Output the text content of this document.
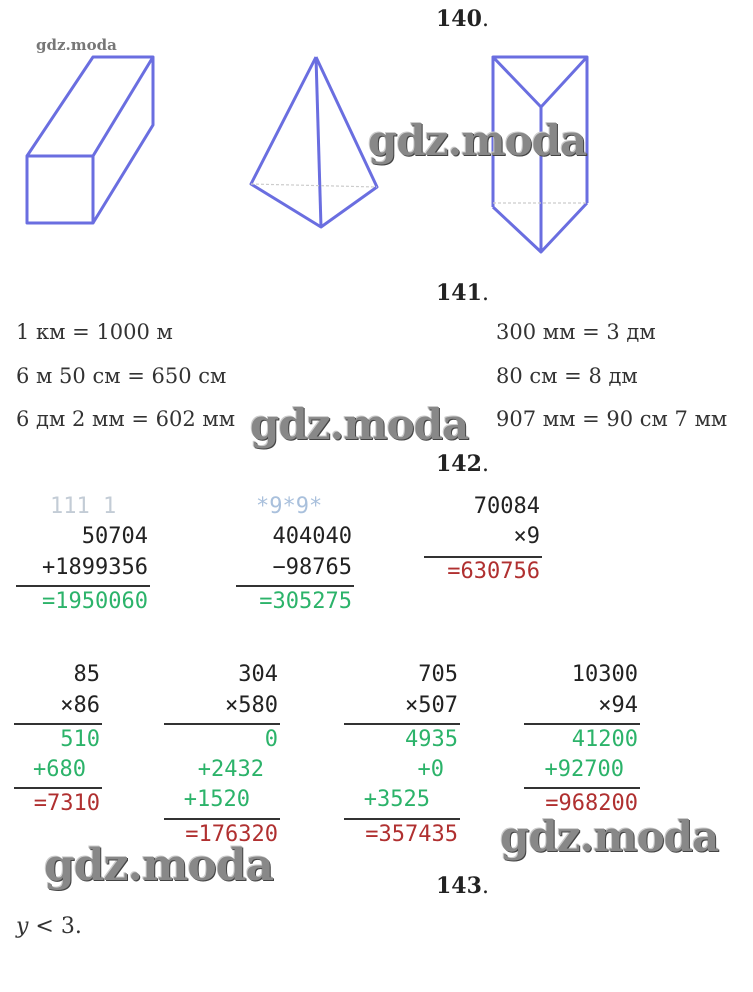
140.
gdz.moda
gdz.moda
141.
1 км = 1000 м
6 м 50 см = 650 см
6 дм 2 мм = 602 мм
300 мм = 3 дм
80 см = 8 дм
907 мм = 90 см 7 мм
gdz.moda
142.
111 1
50704
+1899356
=1950060
*9*9*
404040
−98765
=305275
70084
×9
=630756
85
×86
510
+680
=7310
304
×580
0
+2432
+1520
=176320
705
×507
4935
+0
+3525
=357435
10300
×94
41200
+92700
=968200
gdz.moda
gdz.moda	143.
y < 3.
